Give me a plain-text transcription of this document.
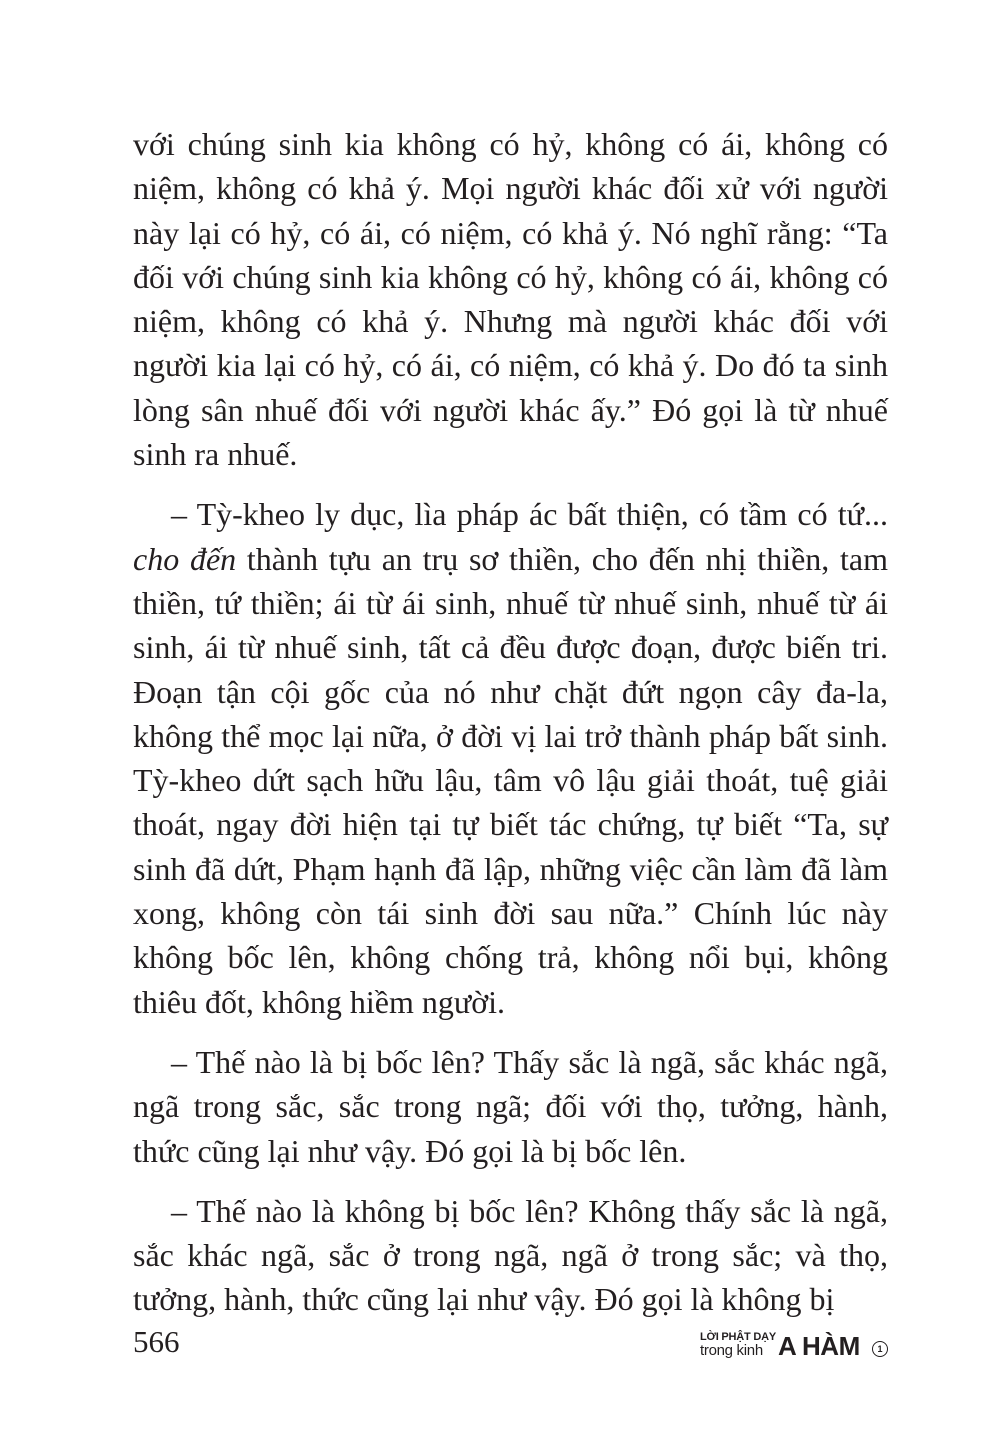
với chúng sinh kia không có hỷ, không có ái, không có niệm, không có khả ý. Mọi người khác đối xử với người này lại có hỷ, có ái, có niệm, có khả ý. Nó nghĩ rằng: “Ta đối với chúng sinh kia không có hỷ, không có ái, không có niệm, không có khả ý. Nhưng mà người khác đối với người kia lại có hỷ, có ái, có niệm, có khả ý. Do đó ta sinh lòng sân nhuế đối với người khác ấy.” Đó gọi là từ nhuế sinh ra nhuế.

– Tỳ-kheo ly dục, lìa pháp ác bất thiện, có tầm có tứ... cho đến thành tựu an trụ sơ thiền, cho đến nhị thiền, tam thiền, tứ thiền; ái từ ái sinh, nhuế từ nhuế sinh, nhuế từ ái sinh, ái từ nhuế sinh, tất cả đều được đoạn, được biến tri. Đoạn tận cội gốc của nó như chặt đứt ngọn cây đa-la, không thể mọc lại nữa, ở đời vị lai trở thành pháp bất sinh. Tỳ-kheo dứt sạch hữu lậu, tâm vô lậu giải thoát, tuệ giải thoát, ngay đời hiện tại tự biết tác chứng, tự biết “Ta, sự sinh đã dứt, Phạm hạnh đã lập, những việc cần làm đã làm xong, không còn tái sinh đời sau nữa.” Chính lúc này không bốc lên, không chống trả, không nổi bụi, không thiêu đốt, không hiềm người.

– Thế nào là bị bốc lên? Thấy sắc là ngã, sắc khác ngã, ngã trong sắc, sắc trong ngã; đối với thọ, tưởng, hành, thức cũng lại như vậy. Đó gọi là bị bốc lên.

– Thế nào là không bị bốc lên? Không thấy sắc là ngã, sắc khác ngã, sắc ở trong ngã, ngã ở trong sắc; và thọ, tưởng, hành, thức cũng lại như vậy. Đó gọi là không bị

566	LỜI PHẬT DẠY
trong kinh A HÀM	1
